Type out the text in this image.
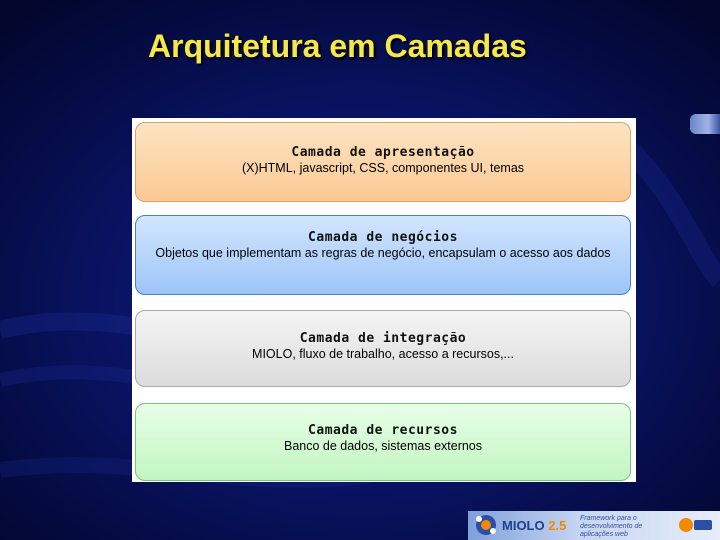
Arquitetura em Camadas
Camada de apresentação
(X)HTML, javascript, CSS, componentes UI, temas
Camada de negócios
Objetos que implementam as regras de negócio, encapsulam o acesso aos dados
Camada de integração
MIOLO, fluxo de trabalho, acesso a recursos,...
Camada de recursos
Banco de dados, sistemas externos
MIOLO 2.5 Framework para o desenvolvimento de aplicações web
